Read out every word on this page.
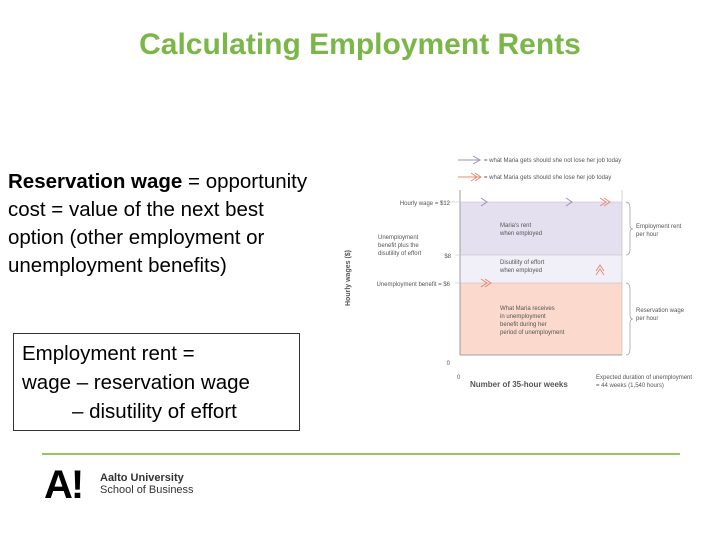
Calculating Employment Rents
Reservation wage = opportunity cost = value of the next best option (other employment or unemployment benefits)
Employment rent =
wage – reservation wage
– disutility of effort
= what Maria gets should she not lose her job today
= what Maria gets should she lose her job today
Hourly wages ($)
Hourly wage = $12
Unemployment
benefit plus the
disutility of effort	$8
Unemployment benefit = $6
0
0
Number of 35-hour weeks
Maria's rent
when employed
Disutility of effort
when employed
What Maria receives
in unemployment
benefit during her
period of unemployment
Employment rent
per hour
Reservation wage
per hour
Expected duration of unemployment
= 44 weeks (1,540 hours)
A! Aalto University
School of Business
